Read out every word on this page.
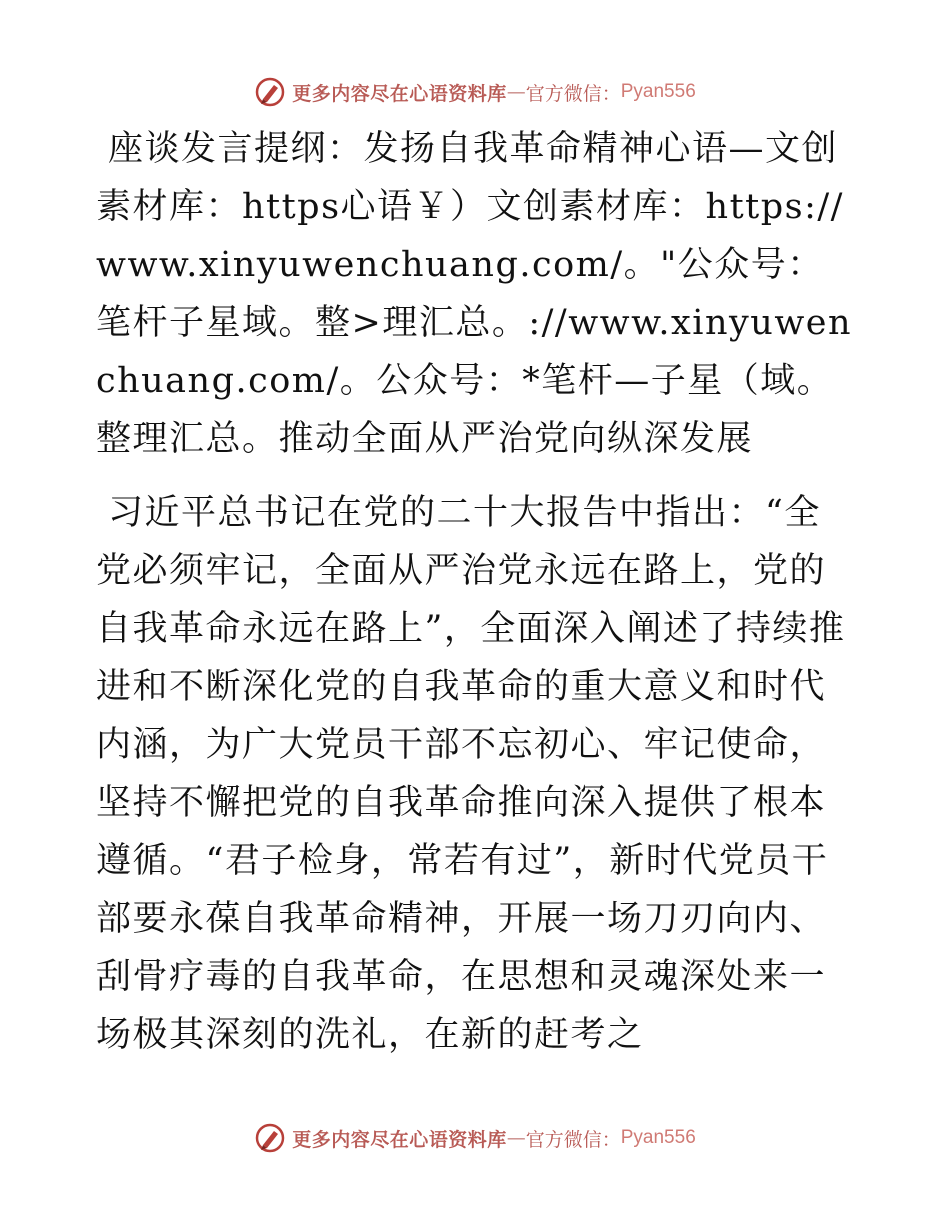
更多内容尽在心语资料库 — 官方微信： Pyan556

座谈发言提纲：发扬自我革命精神心语—文创素材库：https心语￥）文创素材库：https://www.xinyuwenchuang.com/。"公众号：笔杆子星域。整>理汇总。://www.xinyuwenchuang.com/。公众号：*笔杆—子星（域。整理汇总。推动全面从严治党向纵深发展

习近平总书记在党的二十大报告中指出：“全党必须牢记，全面从严治党永远在路上，党的自我革命永远在路上”，全面深入阐述了持续推进和不断深化党的自我革命的重大意义和时代内涵，为广大党员干部不忘初心、牢记使命，坚持不懈把党的自我革命推向深入提供了根本遵循。“君子检身，常若有过”，新时代党员干部要永葆自我革命精神，开展一场刀刃向内、刮骨疗毒的自我革命，在思想和灵魂深处来一场极其深刻的洗礼，在新的赶考之

更多内容尽在心语资料库 — 官方微信： Pyan556
